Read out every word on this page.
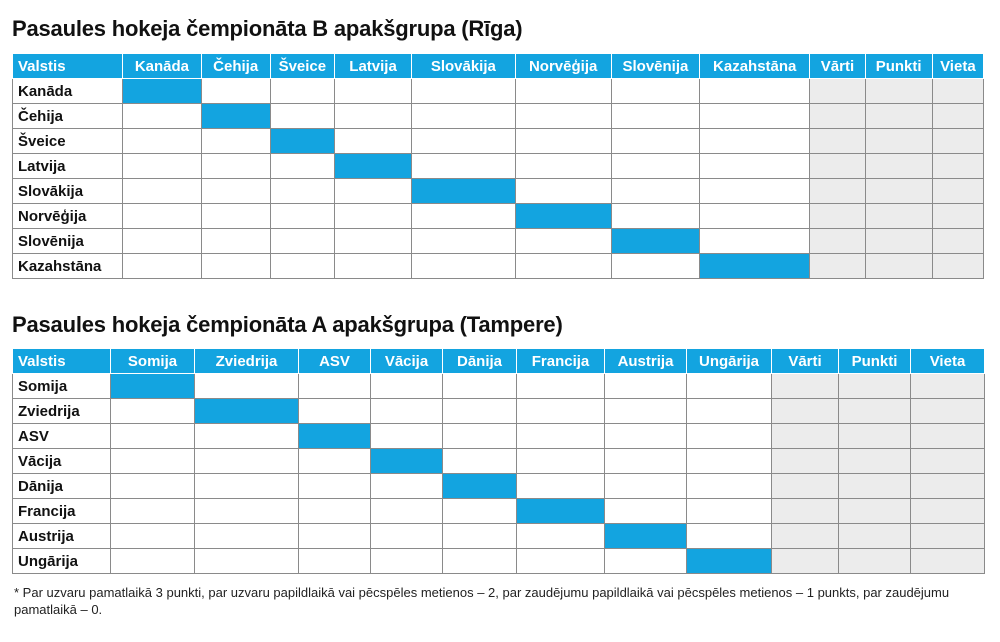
Pasaules hokeja čempionāta B apakšgrupa (Rīga)
Valstis	Kanāda	Čehija	Šveice	Latvija	Slovākija	Norvēģija	Slovēnija	Kazahstāna	Vārti	Punkti	Vieta
Kanāda											
Čehija											
Šveice											
Latvija											
Slovākija											
Norvēģija											
Slovēnija											
Kazahstāna											
Pasaules hokeja čempionāta A apakšgrupa (Tampere)
Valstis	Somija	Zviedrija	ASV	Vācija	Dānija	Francija	Austrija	Ungārija	Vārti	Punkti	Vieta
Somija											
Zviedrija											
ASV											
Vācija											
Dānija											
Francija											
Austrija											
Ungārija											
* Par uzvaru pamatlaikā 3 punkti, par uzvaru papildlaikā vai pēcspēles metienos – 2, par zaudējumu papildlaikā vai pēcspēles metienos – 1 punkts, par zaudējumu pamatlaikā – 0.
